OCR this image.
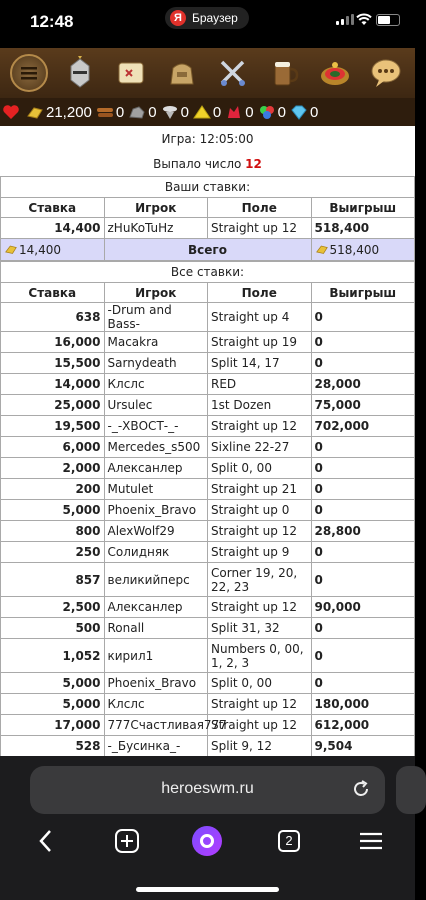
12:48	Я Браузер
21,200 0 0 0 0 0 0 0
Игра: 12:05:00
Выпало число 12
Ваши ставки:			
Ставка	Игрок	Поле	Выигрыш
14,400	zHuKoTuHz	Straight up 12	518,400
14,400	Всего		518,400
Все ставки:			
Ставка	Игрок	Поле	Выигрыш
638	-Drum and Bass-	Straight up 4	0
16,000	Macakra	Straight up 19	0
15,500	Sarnydeath	Split 14, 17	0
14,000	Клслс	RED	28,000
25,000	Ursulec	1st Dozen	75,000
19,500	-_-ХВОСТ-_-	Straight up 12	702,000
6,000	Mercedes_s500	Sixline 22-27	0
2,000	Алексанлер	Split 0, 00	0
200	Mutulet	Straight up 21	0
5,000	Phoenix_Bravo	Straight up 0	0
800	AlexWolf29	Straight up 12	28,800
250	Солидняк	Straight up 9	0
857	великийперс	Corner 19, 20, 22, 23	0
2,500	Алексанлер	Straight up 12	90,000
500	Ronall	Split 31, 32	0
1,052	кирил1	Numbers 0, 00, 1, 2, 3	0
5,000	Phoenix_Bravo	Split 0, 00	0
5,000	Клслс	Straight up 12	180,000
17,000	777Счастливая777	Straight up 12	612,000
528	-_Бусинка_-	Split 9, 12	9,504

heroeswm.ru
2
